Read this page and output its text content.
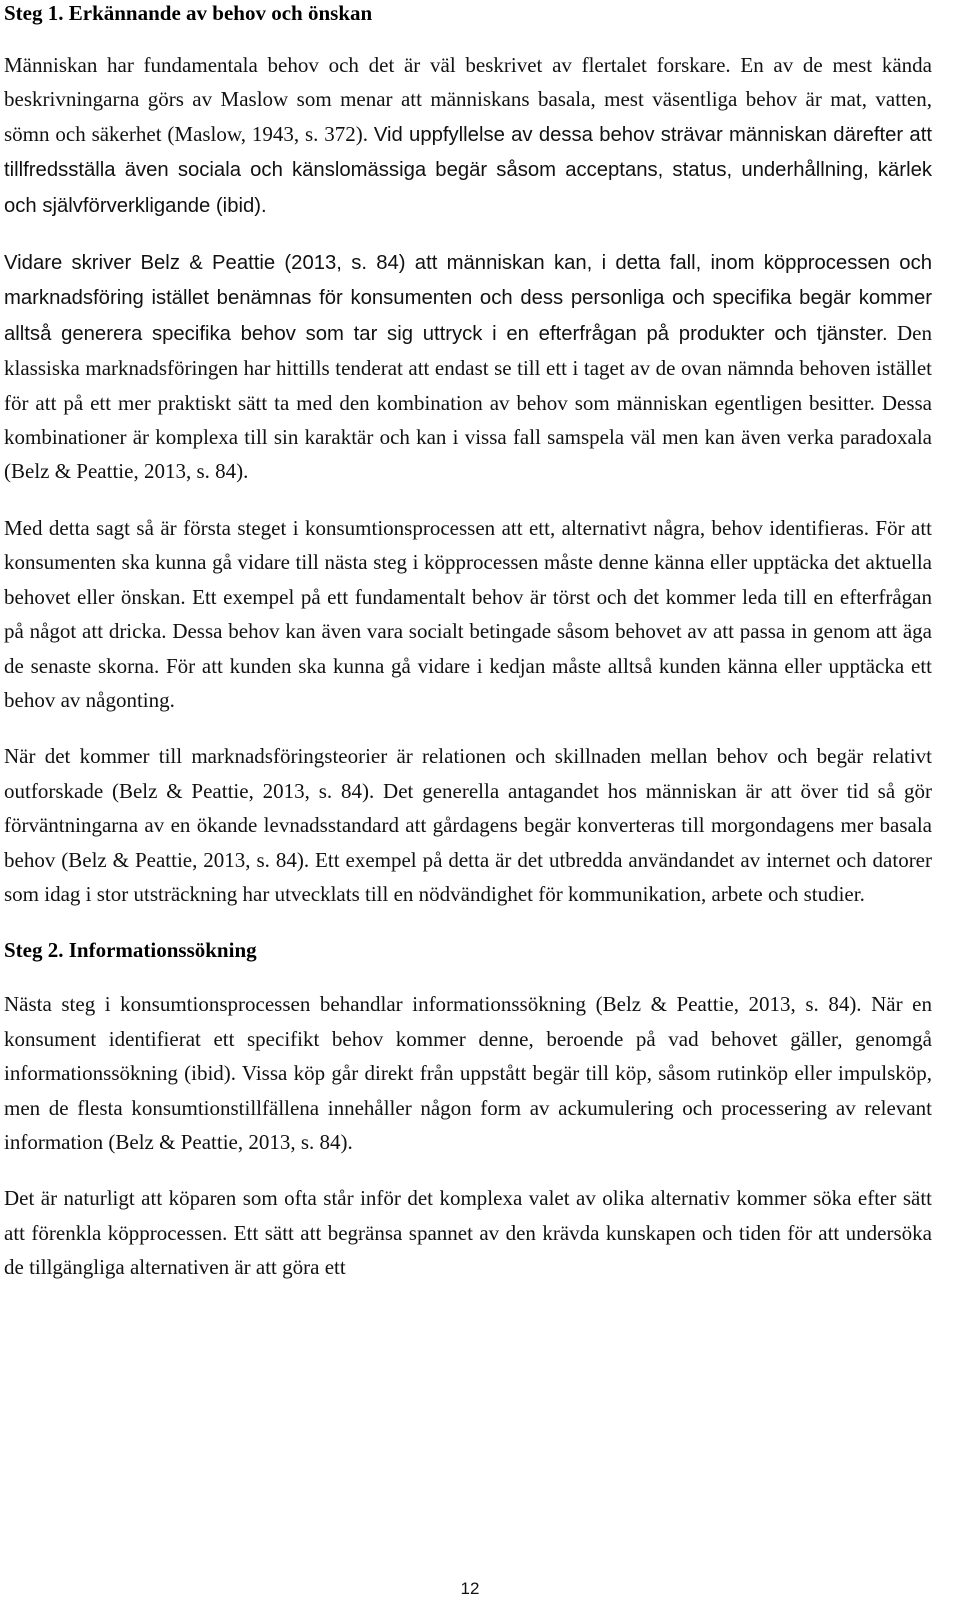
Steg 1. Erkännande av behov och önskan

Människan har fundamentala behov och det är väl beskrivet av flertalet forskare. En av de mest kända beskrivningarna görs av Maslow som menar att människans basala, mest väsentliga behov är mat, vatten, sömn och säkerhet (Maslow, 1943, s. 372). Vid uppfyllelse av dessa behov strävar människan därefter att tillfredsställa även sociala och känslomässiga begär såsom acceptans, status, underhållning, kärlek och självförverkligande (ibid).

Vidare skriver Belz & Peattie (2013, s. 84) att människan kan, i detta fall, inom köpprocessen och marknadsföring istället benämnas för konsumenten och dess personliga och specifika begär kommer alltså generera specifika behov som tar sig uttryck i en efterfrågan på produkter och tjänster. Den klassiska marknadsföringen har hittills tenderat att endast se till ett i taget av de ovan nämnda behoven istället för att på ett mer praktiskt sätt ta med den kombination av behov som människan egentligen besitter. Dessa kombinationer är komplexa till sin karaktär och kan i vissa fall samspela väl men kan även verka paradoxala (Belz & Peattie, 2013, s. 84).

Med detta sagt så är första steget i konsumtionsprocessen att ett, alternativt några, behov identifieras. För att konsumenten ska kunna gå vidare till nästa steg i köpprocessen måste denne känna eller upptäcka det aktuella behovet eller önskan. Ett exempel på ett fundamentalt behov är törst och det kommer leda till en efterfrågan på något att dricka. Dessa behov kan även vara socialt betingade såsom behovet av att passa in genom att äga de senaste skorna. För att kunden ska kunna gå vidare i kedjan måste alltså kunden känna eller upptäcka ett behov av någonting.

När det kommer till marknadsföringsteorier är relationen och skillnaden mellan behov och begär relativt outforskade (Belz & Peattie, 2013, s. 84). Det generella antagandet hos människan är att över tid så gör förväntningarna av en ökande levnadsstandard att gårdagens begär konverteras till morgondagens mer basala behov (Belz & Peattie, 2013, s. 84). Ett exempel på detta är det utbredda användandet av internet och datorer som idag i stor utsträckning har utvecklats till en nödvändighet för kommunikation, arbete och studier.

Steg 2. Informationssökning

Nästa steg i konsumtionsprocessen behandlar informationssökning (Belz & Peattie, 2013, s. 84). När en konsument identifierat ett specifikt behov kommer denne, beroende på vad behovet gäller, genomgå informationssökning (ibid). Vissa köp går direkt från uppstått begär till köp, såsom rutinköp eller impulsköp, men de flesta konsumtionstillfällena innehåller någon form av ackumulering och processering av relevant information (Belz & Peattie, 2013, s. 84).

Det är naturligt att köparen som ofta står inför det komplexa valet av olika alternativ kommer söka efter sätt att förenkla köpprocessen. Ett sätt att begränsa spannet av den krävda kunskapen och tiden för att undersöka de tillgängliga alternativen är att göra ett

12
